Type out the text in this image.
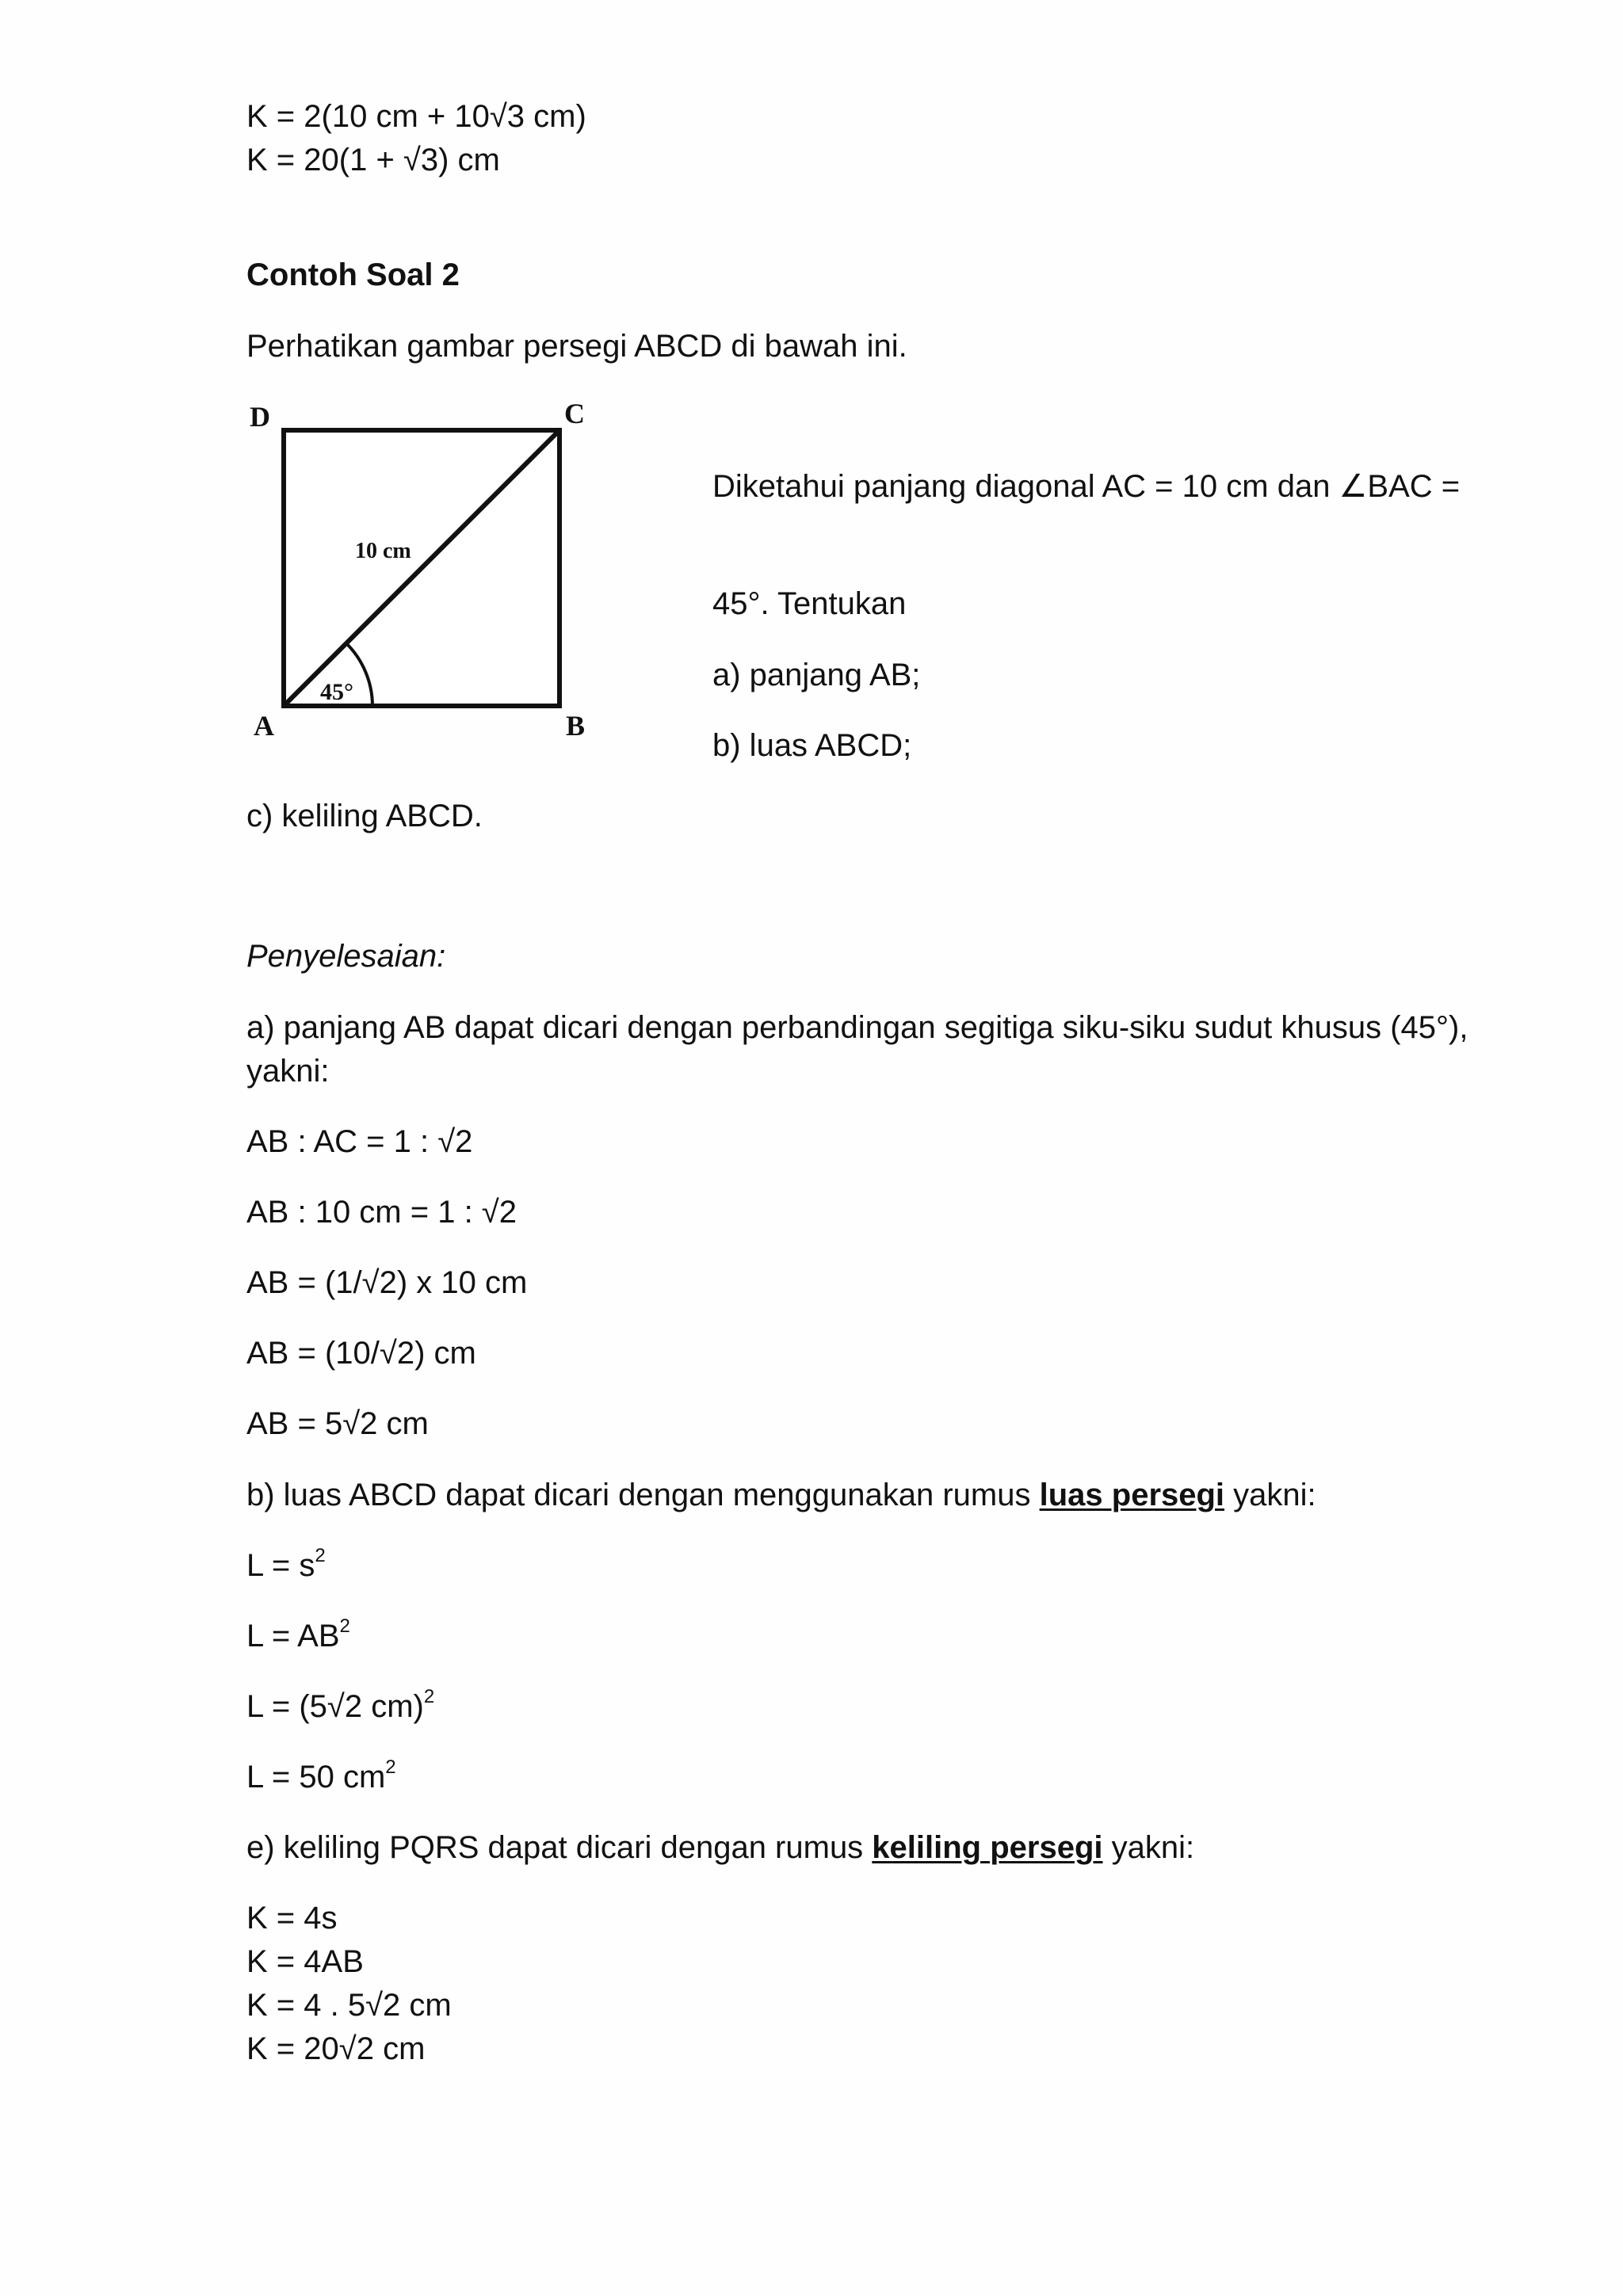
K = 2(10 cm + 10√3 cm)
K = 20(1 + √3) cm
Contoh Soal 2
Perhatikan gambar persegi ABCD di bawah ini.
D	C
A	B
10 cm
45°
Diketahui panjang diagonal AC = 10 cm dan ∠BAC =
45°. Tentukan
a) panjang AB;
b) luas ABCD;
c) keliling ABCD.
Penyelesaian:
a) panjang AB dapat dicari dengan perbandingan segitiga siku-siku sudut khusus (45°),
yakni:
AB : AC = 1 : √2
AB : 10 cm = 1 : √2
AB = (1/√2) x 10 cm
AB = (10/√2) cm
AB = 5√2 cm
b) luas ABCD dapat dicari dengan menggunakan rumus luas persegi yakni:
$L = s^2$
$L = AB^2$
L = (5√2 cm)$^2$
L = 50 $cm^2$
e) keliling PQRS dapat dicari dengan rumus keliling persegi yakni:
K = 4s
K = 4AB
K = 4 . 5√2 cm
K = 20√2 cm
